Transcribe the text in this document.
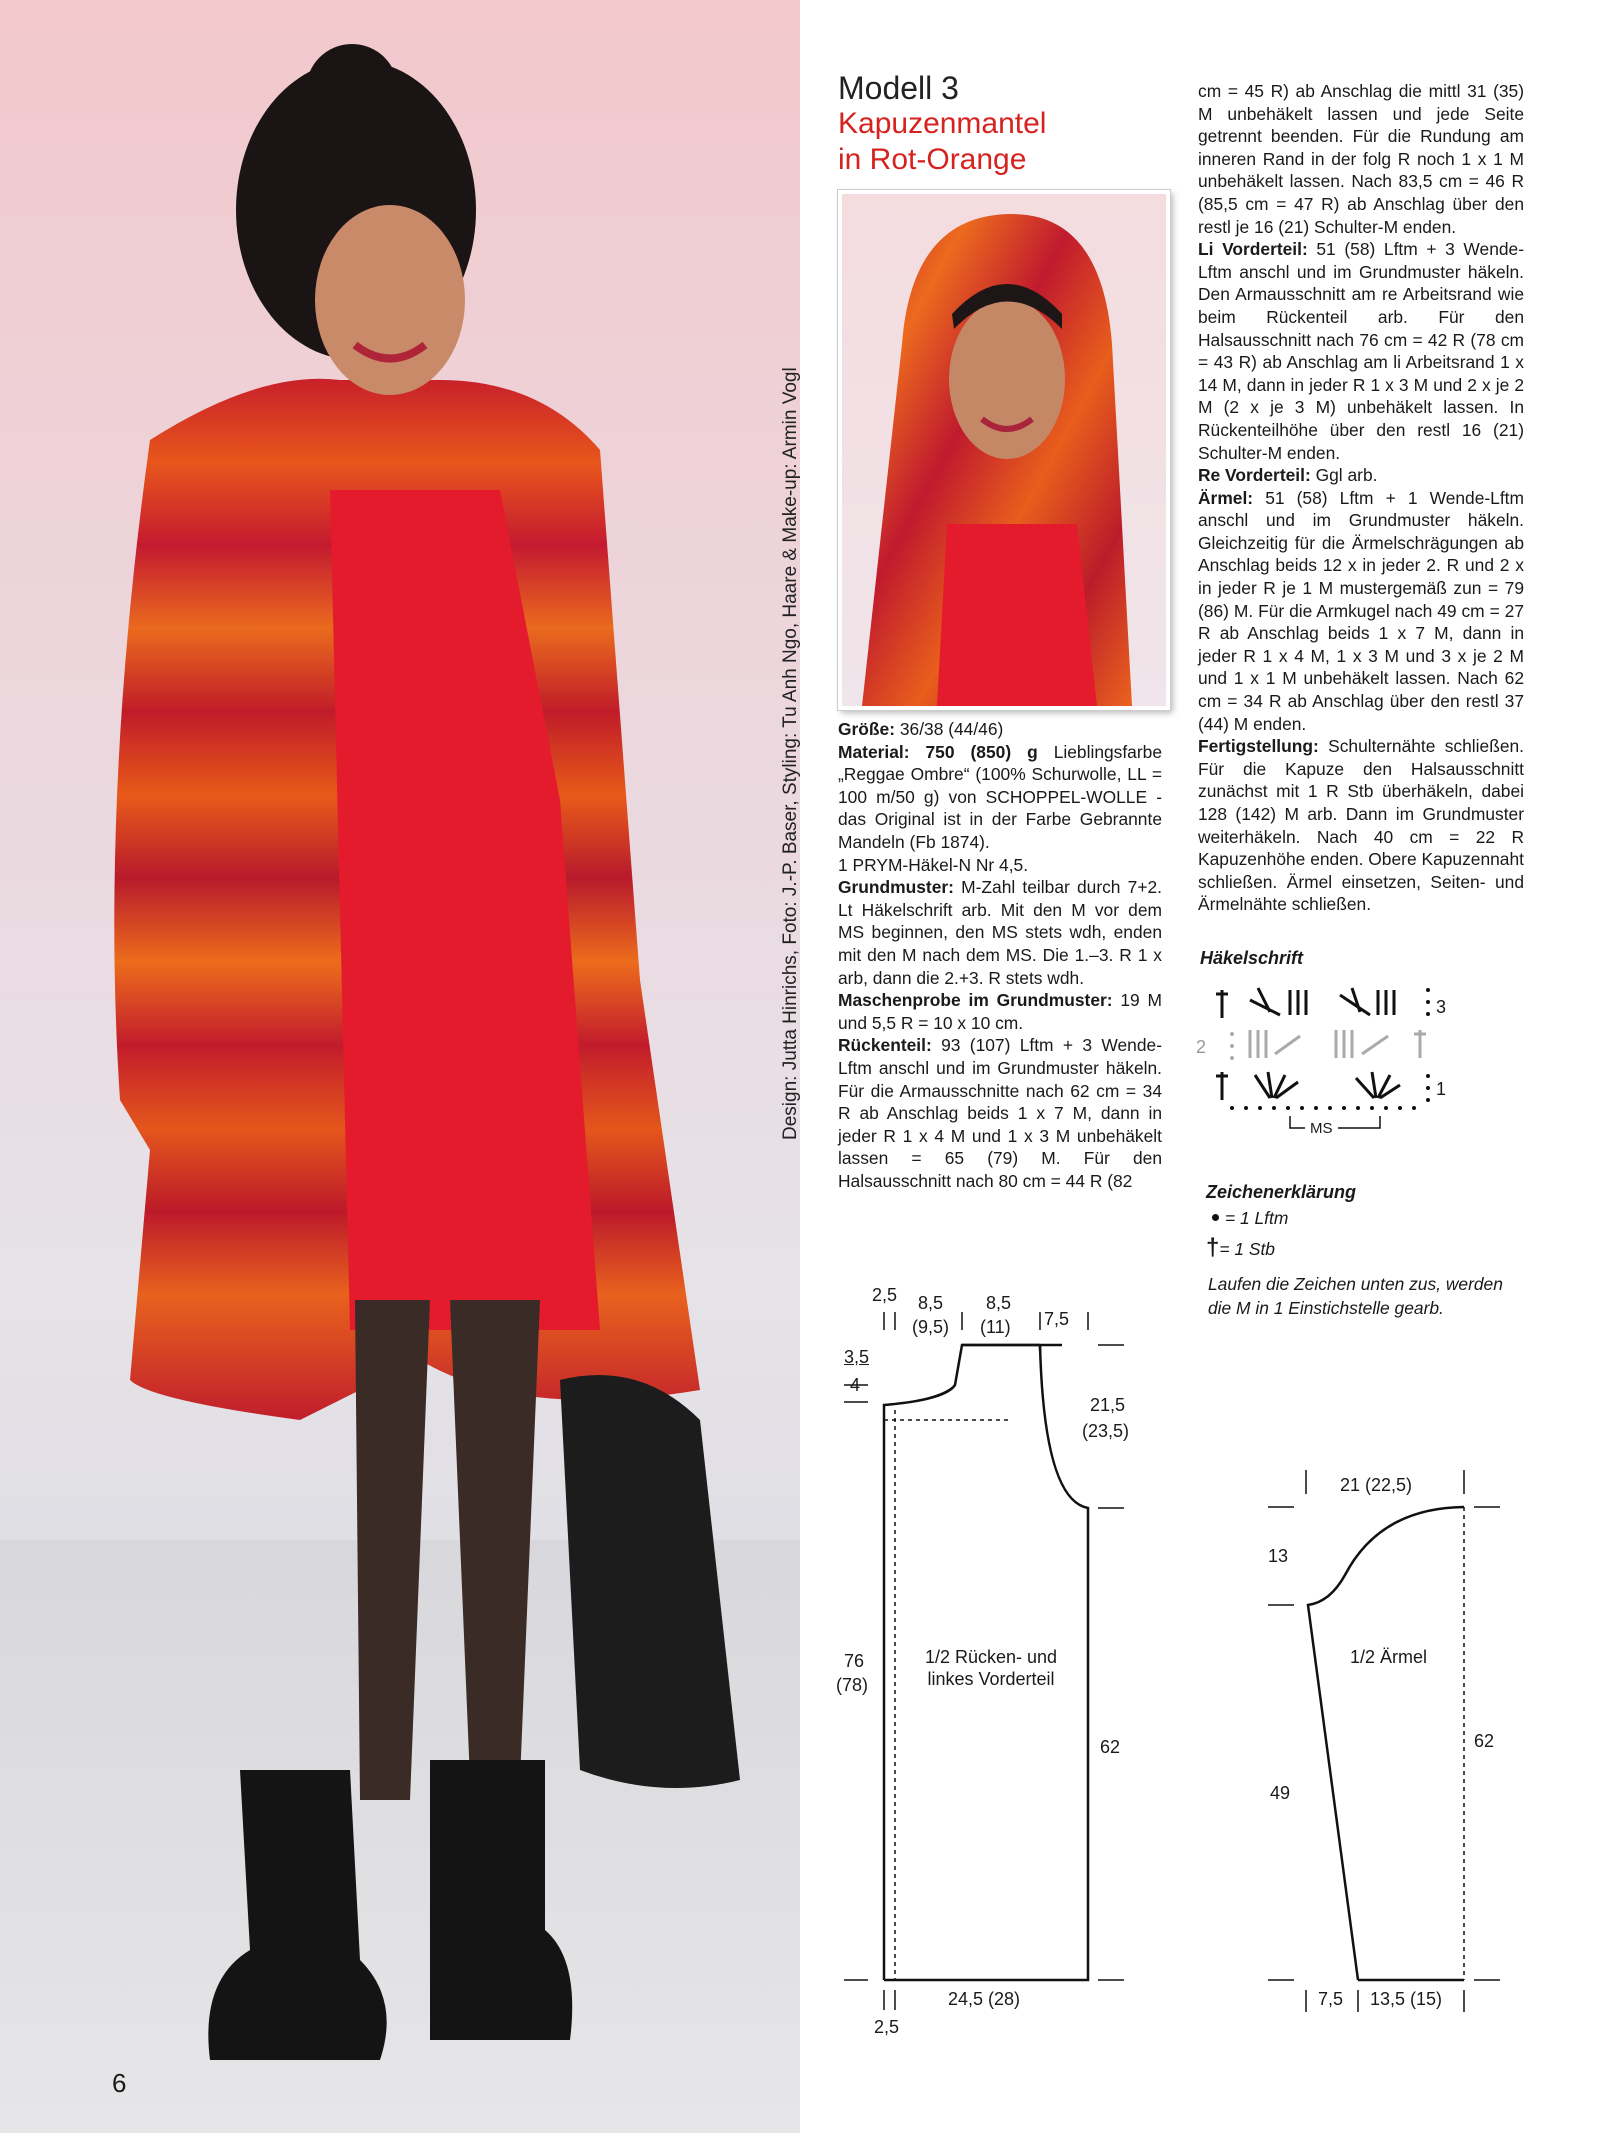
Design: Jutta Hinrichs, Foto: J.-P. Baser, Styling: Tu Anh Ngo, Haare & Make-up: Armin Vogl
6
Modell 3
Kapuzenmantel
in Rot-Orange

Größe: 36/38 (44/46)

Material: 750 (850) g Lieblingsfarbe „Reggae Ombre“ (100% Schurwolle, LL = 100 m/50 g) von SCHOPPEL-WOLLE - das Original ist in der Farbe Gebrannte Mandeln (Fb 1874).

1 PRYM-Häkel-N Nr 4,5.

Grundmuster: M-Zahl teilbar durch 7+2. Lt Häkelschrift arb. Mit den M vor dem MS beginnen, den MS stets wdh, enden mit den M nach dem MS. Die 1.–3. R 1 x arb, dann die 2.+3. R stets wdh.

Maschenprobe im Grundmuster: 19 M und 5,5 R = 10 x 10 cm.

Rückenteil: 93 (107) Lftm + 3 Wende-Lftm anschl und im Grundmuster häkeln. Für die Armausschnitte nach 62 cm = 34 R ab Anschlag beids 1 x 7 M, dann in jeder R 1 x 4 M und 1 x 3 M unbehäkelt lassen = 65 (79) M. Für den Halsausschnitt nach 80 cm = 44 R (82

cm = 45 R) ab Anschlag die mittl 31 (35) M unbehäkelt lassen und jede Seite getrennt beenden. Für die Rundung am inneren Rand in der folg R noch 1 x 1 M unbehäkelt lassen. Nach 83,5 cm = 46 R (85,5 cm = 47 R) ab Anschlag über den restl je 16 (21) Schulter-M enden.

Li Vorderteil: 51 (58) Lftm + 3 Wende-Lftm anschl und im Grundmuster häkeln. Den Armausschnitt am re Arbeitsrand wie beim Rückenteil arb. Für den Halsausschnitt nach 76 cm = 42 R (78 cm = 43 R) ab Anschlag am li Arbeitsrand 1 x 14 M, dann in jeder R 1 x 3 M und 2 x je 2 M (2 x je 3 M) unbehäkelt lassen. In Rückenteilhöhe über den restl 16 (21) Schulter-M enden.

Re Vorderteil: Ggl arb.

Ärmel: 51 (58) Lftm + 1 Wende-Lftm anschl und im Grundmuster häkeln. Gleichzeitig für die Ärmelschrägungen ab Anschlag beids 12 x in jeder 2. R und 2 x in jeder R je 1 M mustergemäß zun = 79 (86) M. Für die Armkugel nach 49 cm = 27 R ab Anschlag beids 1 x 7 M, dann in jeder R 1 x 4 M, 1 x 3 M und 3 x je 2 M und 1 x 1 M unbehäkelt lassen. Nach 62 cm = 34 R ab Anschlag über den restl 37 (44) M enden.

Fertigstellung: Schulternähte schließen. Für die Kapuze den Halsausschnitt zunächst mit 1 R Stb überhäkeln, dabei 128 (142) M arb. Dann im Grundmuster weiterhäkeln. Nach 40 cm = 22 R Kapuzenhöhe enden. Obere Kapuzennaht schließen. Ärmel einsetzen, Seiten- und Ärmelnähte schließen.

Häkelschrift
3
2
1
MS
Zeichenerklärung
= 1 Lftm
†= 1 Stb
Laufen die Zeichen unten zus, werden
die M in 1 Einstichstelle gearb.
2,5 8,5
(9,5)
8,5
(11) 7,5
3,5
4
21,5
(23,5)
76
(78)
1/2 Rücken- und
linkes Vorderteil
62
24,5 (28)
2,5
21 (22,5)
13
1/2 Ärmel
62
49
7,5 13,5 (15)
